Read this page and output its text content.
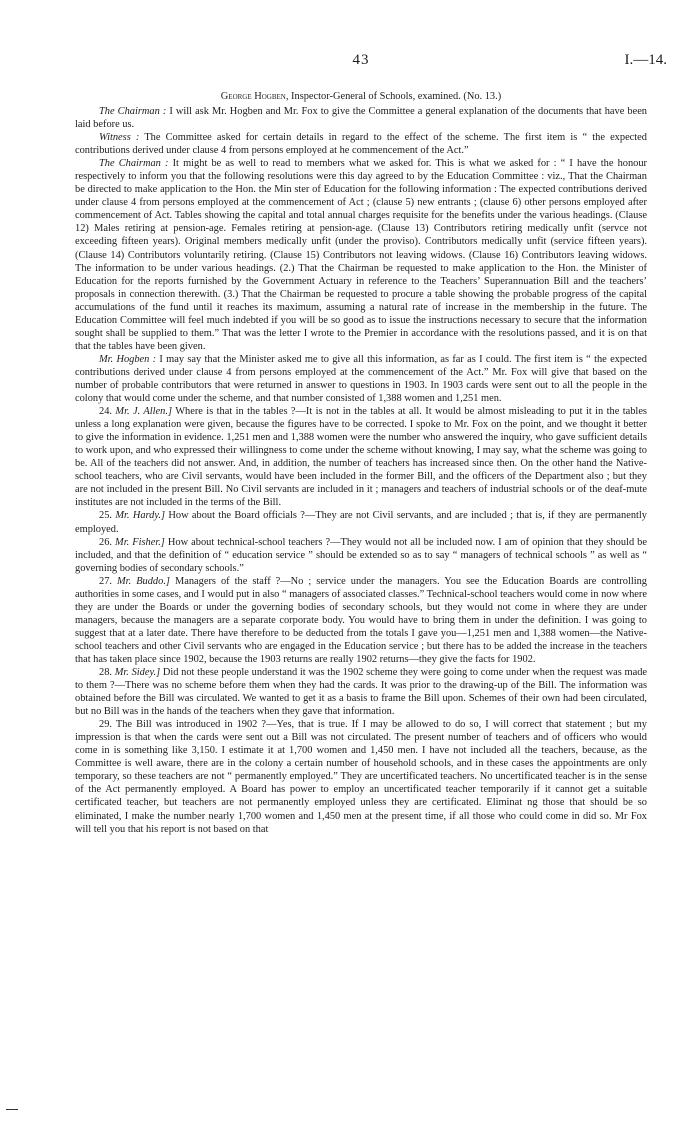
43	I.—14.
George Hogben, Inspector-General of Schools, examined. (No. 13.)

The Chairman : I will ask Mr. Hogben and Mr. Fox to give the Committee a general explanation of the documents that have been laid before us.

Witness : The Committee asked for certain details in regard to the effect of the scheme. The first item is “ the expected contributions derived under clause 4 from persons employed at he commencement of the Act.”

The Chairman : It might be as well to read to members what we asked for. This is what we asked for : “ I have the honour respectively to inform you that the following resolutions were this day agreed to by the Education Committee : viz., That the Chairman be directed to make application to the Hon. the Min ster of Education for the following information : The expected contributions derived under clause 4 from persons employed at the commencement of Act ; (clause 5) new entrants ; (clause 6) other persons employed after commencement of Act. Tables showing the capital and total annual charges requisite for the benefits under the various headings. (Clause 12) Males retiring at pension-age. Females retiring at pension-age. (Clause 13) Contributors retiring medically unfit (servce not exceeding fifteen years). Original members medically unfit (under the proviso). Contributors medically unfit (service fifteen years). (Clause 14) Contributors voluntarily retiring. (Clause 15) Contributors not leaving widows. (Clause 16) Contributors leaving widows. The information to be under various headings. (2.) That the Chairman be requested to make application to the Hon. the Minister of Education for the reports furnished by the Government Actuary in reference to the Teachers’ Superannuation Bill and the teachers’ proposals in connection therewith. (3.) That the Chairman be requested to procure a table showing the probable progress of the capital accumulations of the fund until it reaches its maximum, assuming a natural rate of increase in the membership in the future. The Education Committee will feel much indebted if you will be so good as to issue the instructions necessary to secure that the information sought shall be supplied to them.” That was the letter I wrote to the Premier in accordance with the resolutions passed, and it is on that that the tables have been given.

Mr. Hogben : I may say that the Minister asked me to give all this information, as far as I could. The first item is “ the expected contributions derived under clause 4 from persons employed at the commencement of the Act.” Mr. Fox will give that based on the number of probable contributors that were returned in answer to questions in 1903. In 1903 cards were sent out to all the people in the colony that would come under the scheme, and that number consisted of 1,388 women and 1,251 men.

24. Mr. J. Allen.] Where is that in the tables ?—It is not in the tables at all. It would be almost misleading to put it in the tables unless a long explanation were given, because the figures have to be corrected. I spoke to Mr. Fox on the point, and we thought it better to give the information in evidence. 1,251 men and 1,388 women were the number who answered the inquiry, who gave sufficient details to work upon, and who expressed their willingness to come under the scheme without knowing, I may say, what the scheme was going to be. All of the teachers did not answer. And, in addition, the number of teachers has increased since then. On the other hand the Native-school teachers, who are Civil servants, would have been included in the former Bill, and the officers of the Department also ; but they are not included in the present Bill. No Civil servants are included in it ; managers and teachers of industrial schools or of the deaf-mute institutes are not included in the terms of the Bill.

25. Mr. Hardy.] How about the Board officials ?—They are not Civil servants, and are included ; that is, if they are permanently employed.

26. Mr. Fisher.] How about technical-school teachers ?—They would not all be included now. I am of opinion that they should be included, and that the definition of “ education service ” should be extended so as to say “ managers of technical schools ” as well as “ governing bodies of secondary schools.”

27. Mr. Buddo.] Managers of the staff ?—No ; service under the managers. You see the Education Boards are controlling authorities in some cases, and I would put in also “ managers of associated classes.” Technical-school teachers would come in now where they are under the Boards or under the governing bodies of secondary schools, but they would not come in where they are under managers, because the managers are a separate corporate body. You would have to bring them in under the definition. I was going to suggest that at a later date. There have therefore to be deducted from the totals I gave you—1,251 men and 1,388 women—the Native-school teachers and other Civil servants who are engaged in the Education service ; but there has to be added the increase in the teachers that has taken place since 1902, because the 1903 returns are really 1902 returns—they give the facts for 1902.

28. Mr. Sidey.] Did not these people understand it was the 1902 scheme they were going to come under when the request was made to them ?—There was no scheme before them when they had the cards. It was prior to the drawing-up of the Bill. The information was obtained before the Bill was circulated. We wanted to get it as a basis to frame the Bill upon. Schemes of their own had been circulated, but no Bill was in the hands of the teachers when they gave that information.

29. The Bill was introduced in 1902 ?—Yes, that is true. If I may be allowed to do so, I will correct that statement ; but my impression is that when the cards were sent out a Bill was not circulated. The present number of teachers and of officers who would come in is something like 3,150. I estimate it at 1,700 women and 1,450 men. I have not included all the teachers, because, as the Committee is well aware, there are in the colony a certain number of household schools, and in these cases the appointments are only temporary, so these teachers are not “ permanently employed.” They are uncertificated teachers. No uncertificated teacher is in the sense of the Act permanently employed. A Board has power to employ an uncertificated teacher temporarily if it cannot get a suitable certificated teacher, but teachers are not permanently employed unless they are certificated. Eliminat ng those that should be so eliminated, I make the number nearly 1,700 women and 1,450 men at the present time, if all those who could come in did so. Mr Fox will tell you that his report is not based on that
